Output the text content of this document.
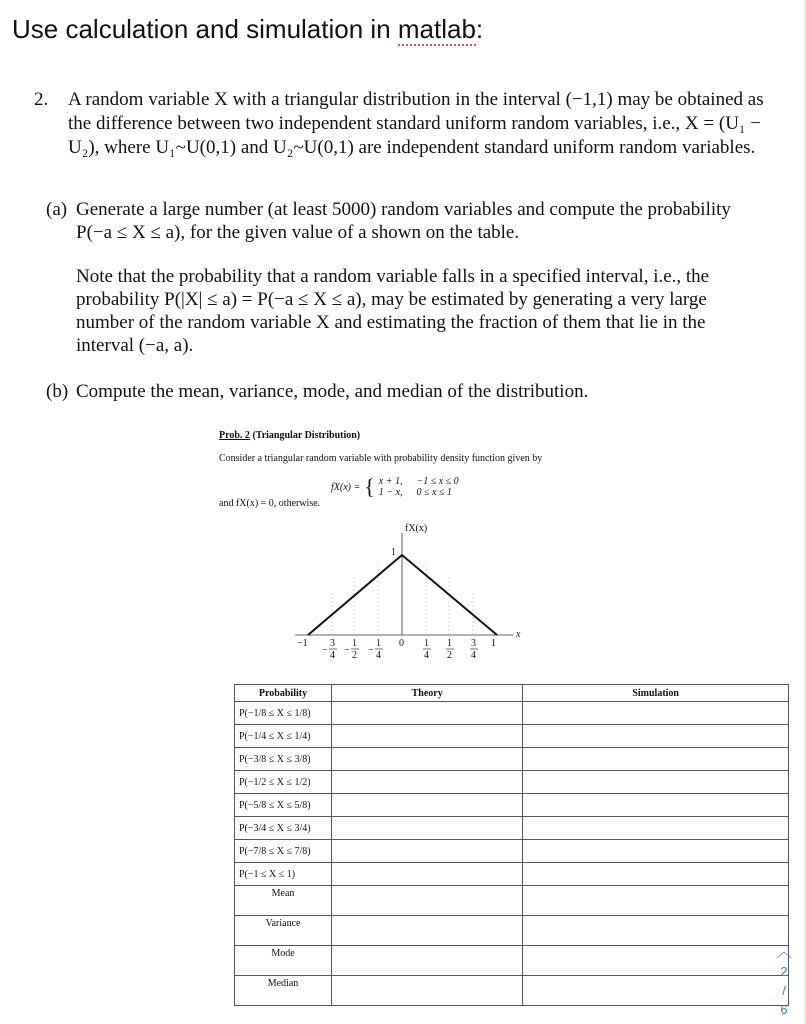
Use calculation and simulation in matlab:
2. A random variable X with a triangular distribution in the interval (−1,1) may be obtained as the difference between two independent standard uniform random variables, i.e., X = (U₁ − U₂), where U₁~U(0,1) and U₂~U(0,1) are independent standard uniform random variables.
(a) Generate a large number (at least 5000) random variables and compute the probability P(−a ≤ X ≤ a), for the given value of a shown on the table.
Note that the probability that a random variable falls in a specified interval, i.e., the probability P(|X| ≤ a) = P(−a ≤ X ≤ a), may be estimated by generating a very large number of the random variable X and estimating the fraction of them that lie in the interval (−a, a).
(b) Compute the mean, variance, mode, and median of the distribution.
Prob. 2 (Triangular Distribution)
Consider a triangular random variable with probability density function given by
fX(x) = { x + 1, −1 ≤ x ≤ 0
1 − x, 0 ≤ x ≤ 1
and fX(x) = 0, otherwise.
fX(x)
x
1
−1	0	1
−
3
4 −
1
2 −
1
4
1
4
1
2
3
4
Probability	Theory	Simulation
P(−1/8 ≤ X ≤ 1/8)		
P(−1/4 ≤ X ≤ 1/4)		
P(−3/8 ≤ X ≤ 3/8)		
P(−1/2 ≤ X ≤ 1/2)		
P(−5/8 ≤ X ≤ 5/8)		
P(−3/4 ≤ X ≤ 3/4)		
P(−7/8 ≤ X ≤ 7/8)		
P(−1 ≤ X ≤ 1)		
Mean		
Variance		
Mode		
Median		
︿
2
/
6
